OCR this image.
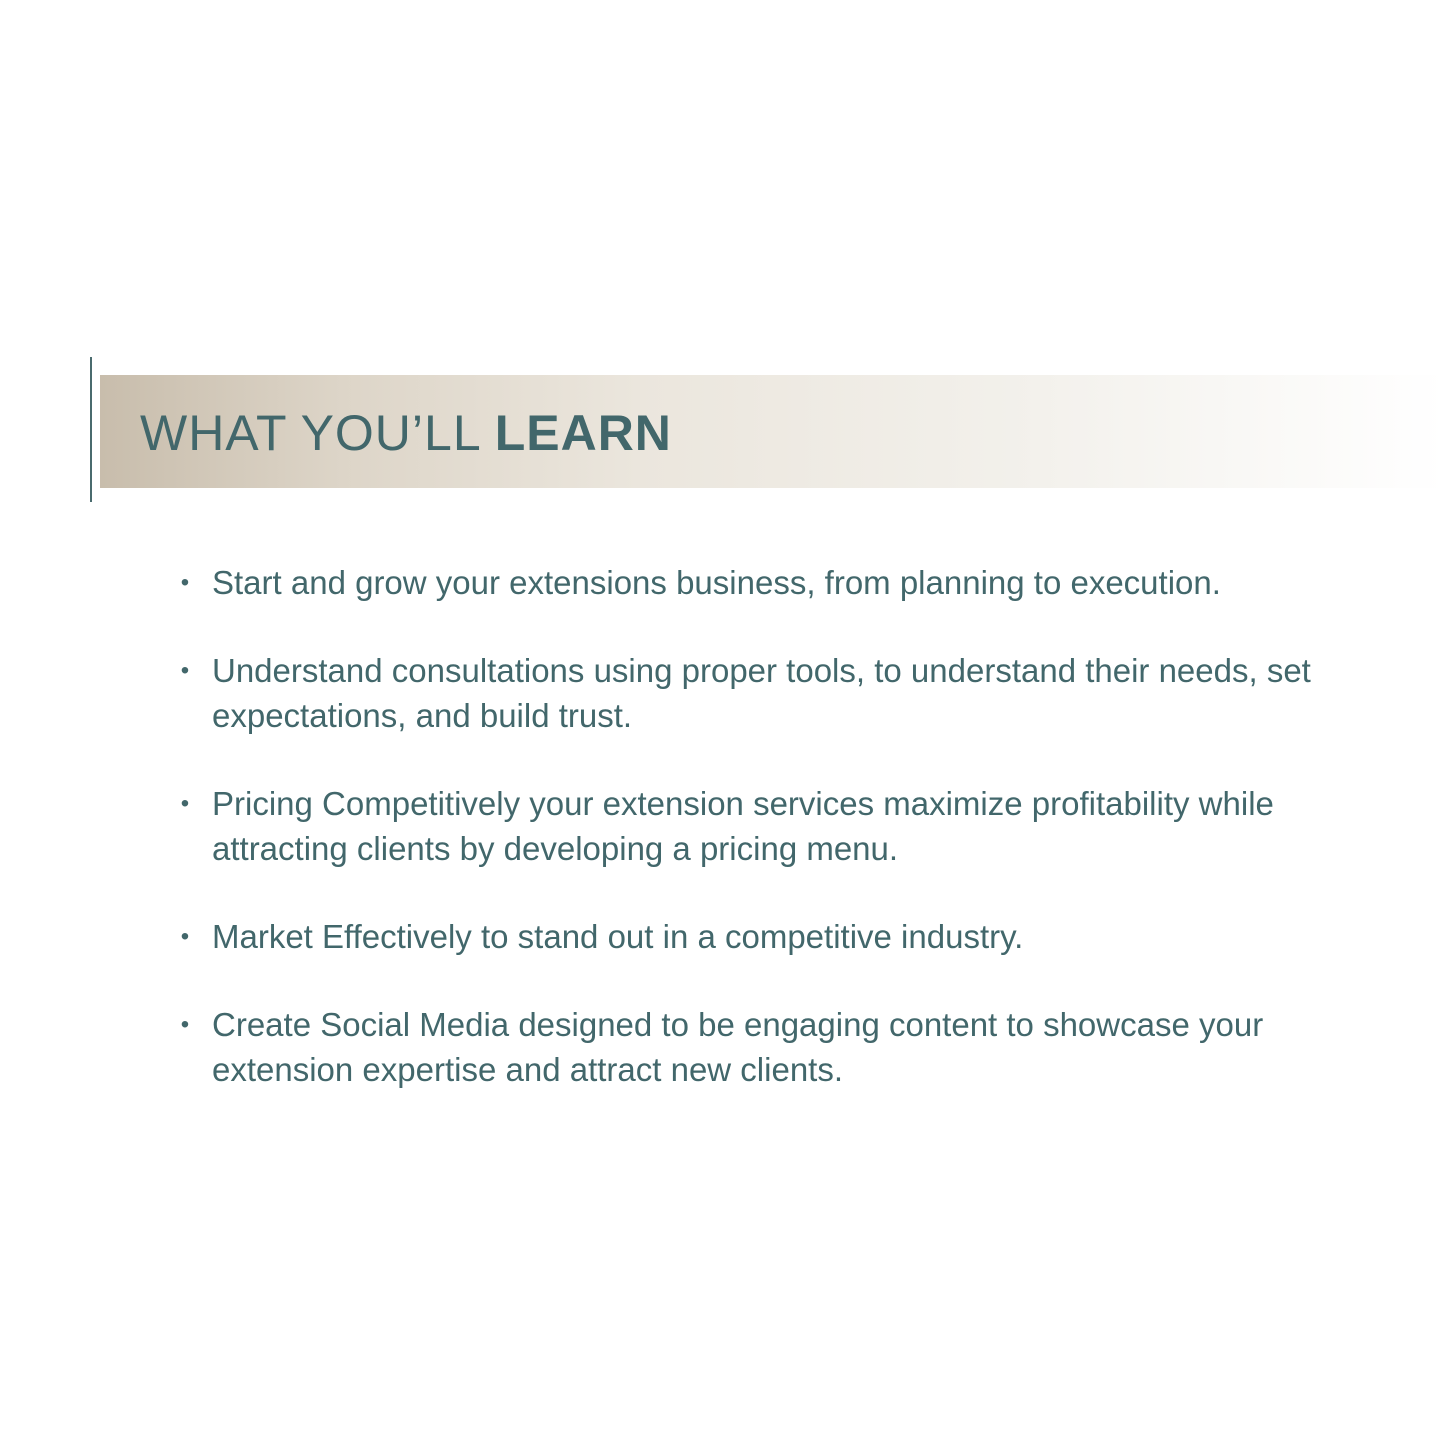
WHAT YOU’LL LEARN
• Start and grow your extensions business, from planning to execution.
• Understand consultations using proper tools, to understand their needs, set expectations, and build trust.
• Pricing Competitively your extension services maximize profitability while attracting clients by developing a pricing menu.
• Market Effectively to stand out in a competitive industry.
• Create Social Media designed to be engaging content to showcase your extension expertise and attract new clients.
